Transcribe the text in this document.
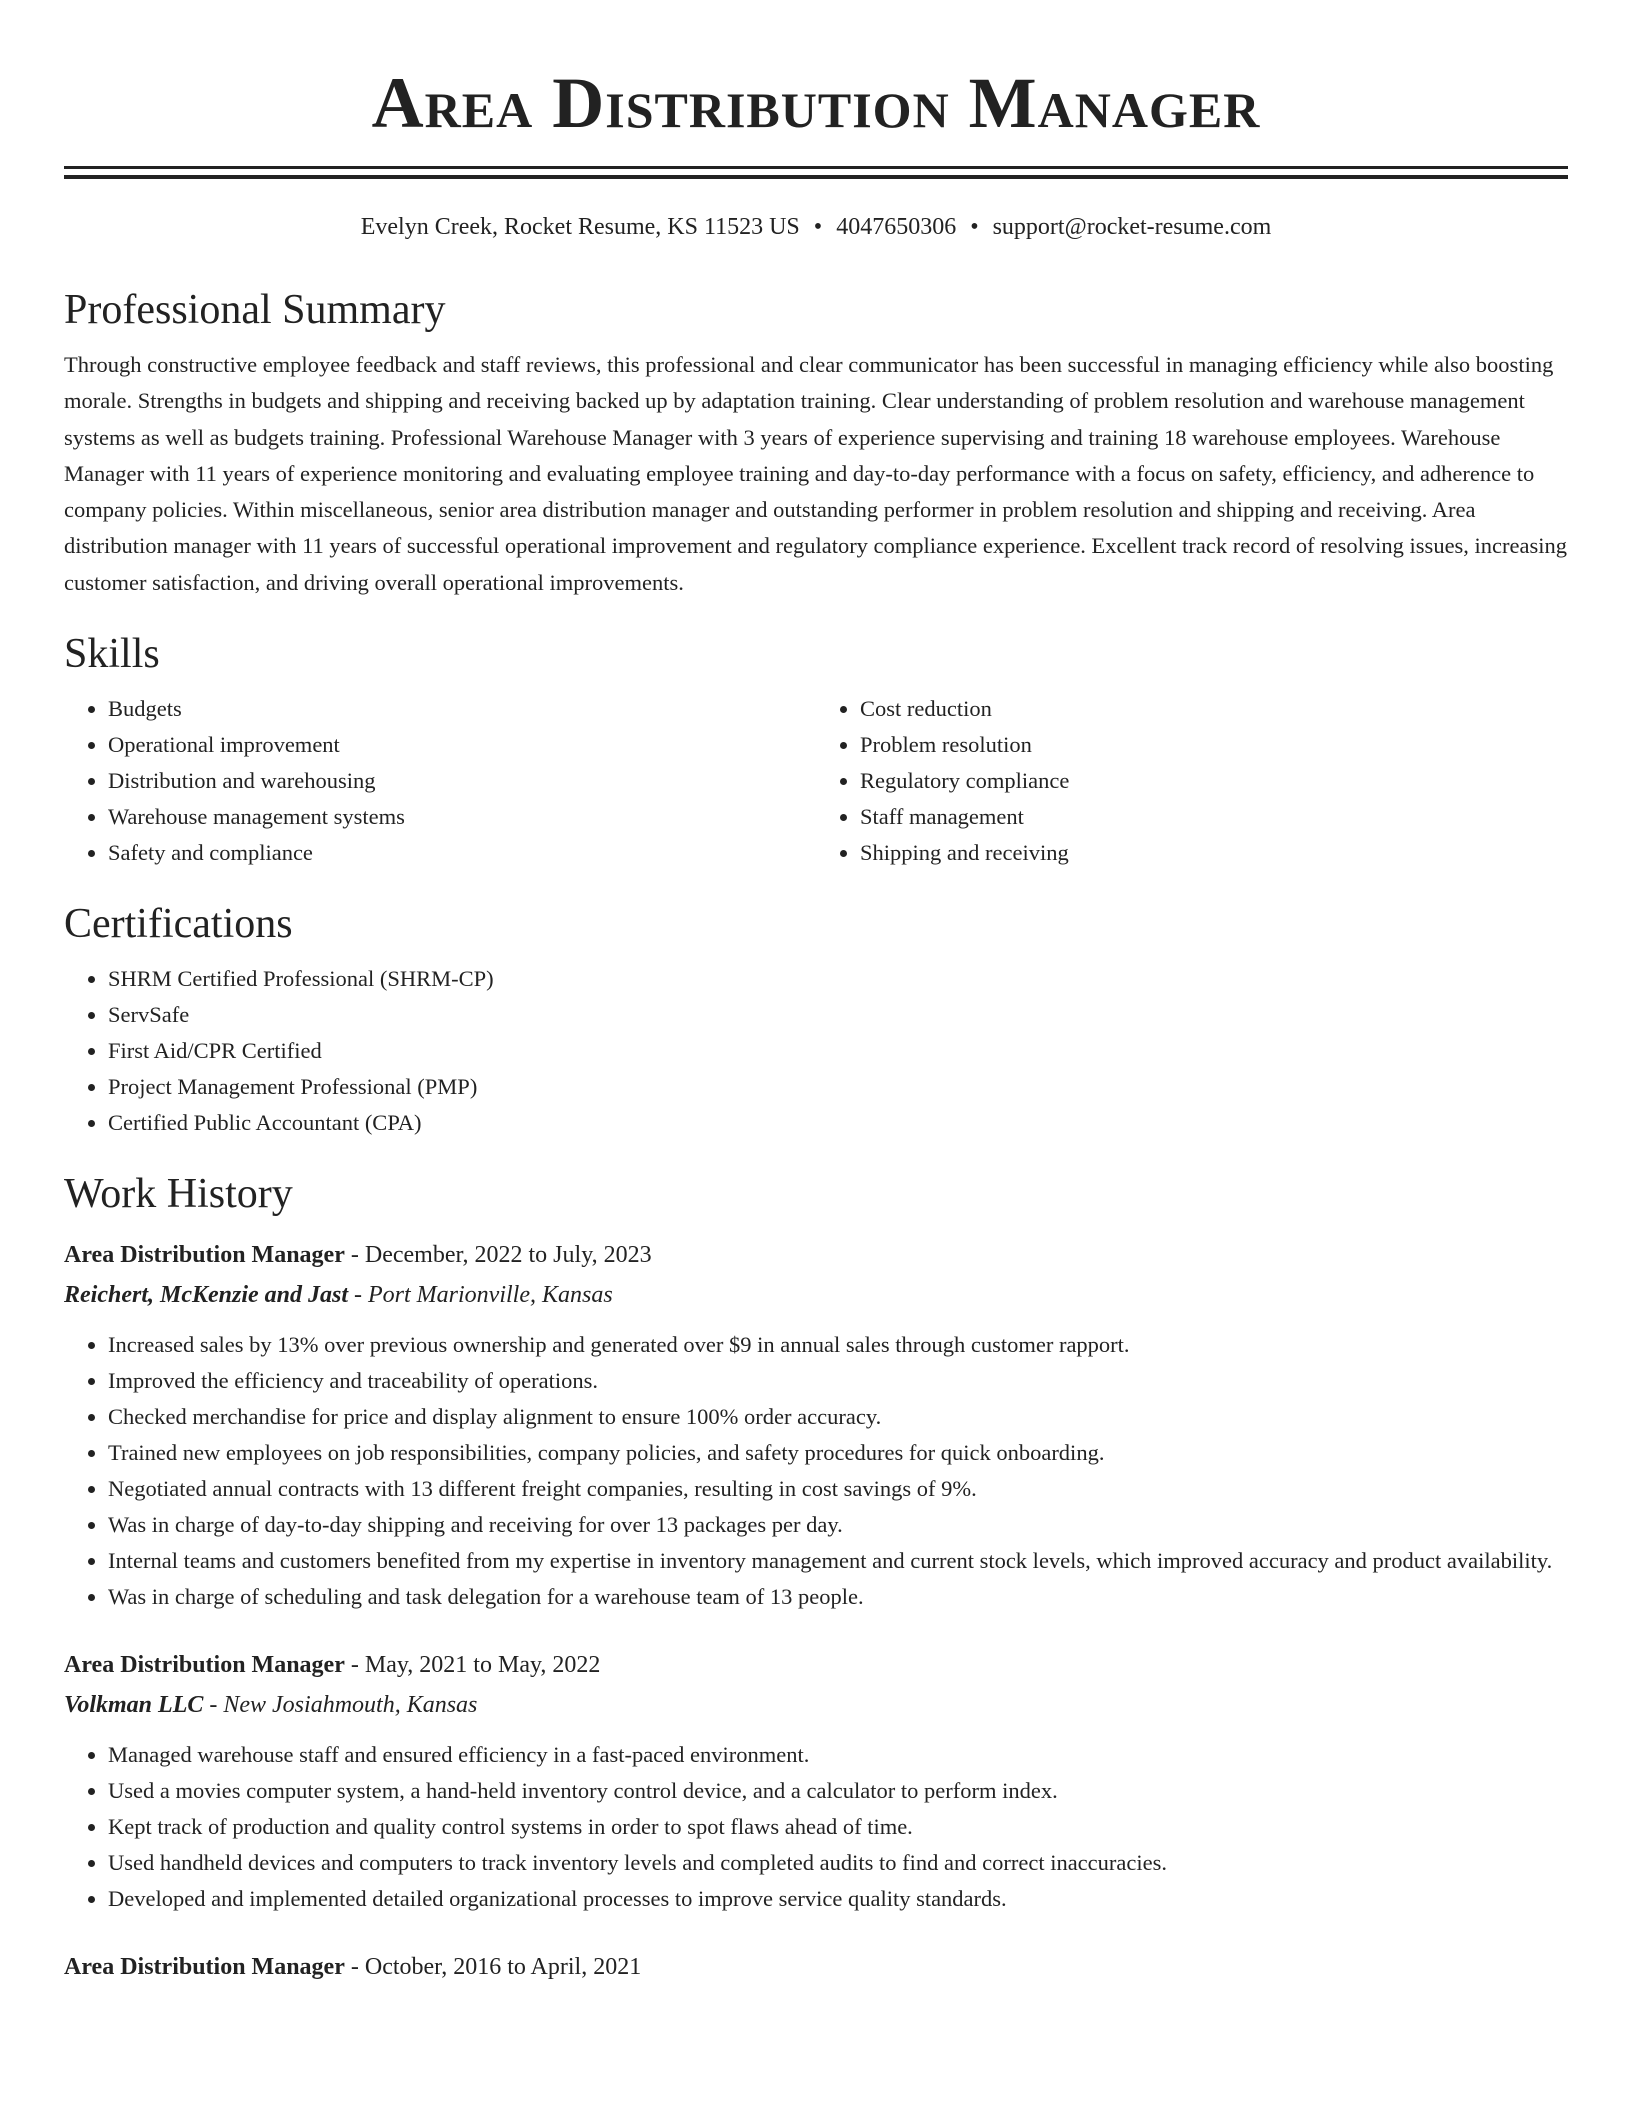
Area Distribution Manager
Evelyn Creek, Rocket Resume, KS 11523 US • 4047650306 • support@rocket-resume.com
Professional Summary
Through constructive employee feedback and staff reviews, this professional and clear communicator has been successful in managing efficiency while also boosting morale. Strengths in budgets and shipping and receiving backed up by adaptation training. Clear understanding of problem resolution and warehouse management systems as well as budgets training. Professional Warehouse Manager with 3 years of experience supervising and training 18 warehouse employees. Warehouse Manager with 11 years of experience monitoring and evaluating employee training and day-to-day performance with a focus on safety, efficiency, and adherence to company policies. Within miscellaneous, senior area distribution manager and outstanding performer in problem resolution and shipping and receiving. Area distribution manager with 11 years of successful operational improvement and regulatory compliance experience. Excellent track record of resolving issues, increasing customer satisfaction, and driving overall operational improvements.
Skills
• Budgets
• Operational improvement
• Distribution and warehousing
• Warehouse management systems
• Safety and compliance
• Cost reduction
• Problem resolution
• Regulatory compliance
• Staff management
• Shipping and receiving
Certifications
• SHRM Certified Professional (SHRM-CP)
• ServSafe
• First Aid/CPR Certified
• Project Management Professional (PMP)
• Certified Public Accountant (CPA)
Work History
Area Distribution Manager - December, 2022 to July, 2023
Reichert, McKenzie and Jast - Port Marionville, Kansas
• Increased sales by 13% over previous ownership and generated over $9 in annual sales through customer rapport.
• Improved the efficiency and traceability of operations.
• Checked merchandise for price and display alignment to ensure 100% order accuracy.
• Trained new employees on job responsibilities, company policies, and safety procedures for quick onboarding.
• Negotiated annual contracts with 13 different freight companies, resulting in cost savings of 9%.
• Was in charge of day-to-day shipping and receiving for over 13 packages per day.
• Internal teams and customers benefited from my expertise in inventory management and current stock levels, which improved accuracy and product availability.
• Was in charge of scheduling and task delegation for a warehouse team of 13 people.
Area Distribution Manager - May, 2021 to May, 2022
Volkman LLC - New Josiahmouth, Kansas
• Managed warehouse staff and ensured efficiency in a fast-paced environment.
• Used a movies computer system, a hand-held inventory control device, and a calculator to perform index.
• Kept track of production and quality control systems in order to spot flaws ahead of time.
• Used handheld devices and computers to track inventory levels and completed audits to find and correct inaccuracies.
• Developed and implemented detailed organizational processes to improve service quality standards.
Area Distribution Manager - October, 2016 to April, 2021
